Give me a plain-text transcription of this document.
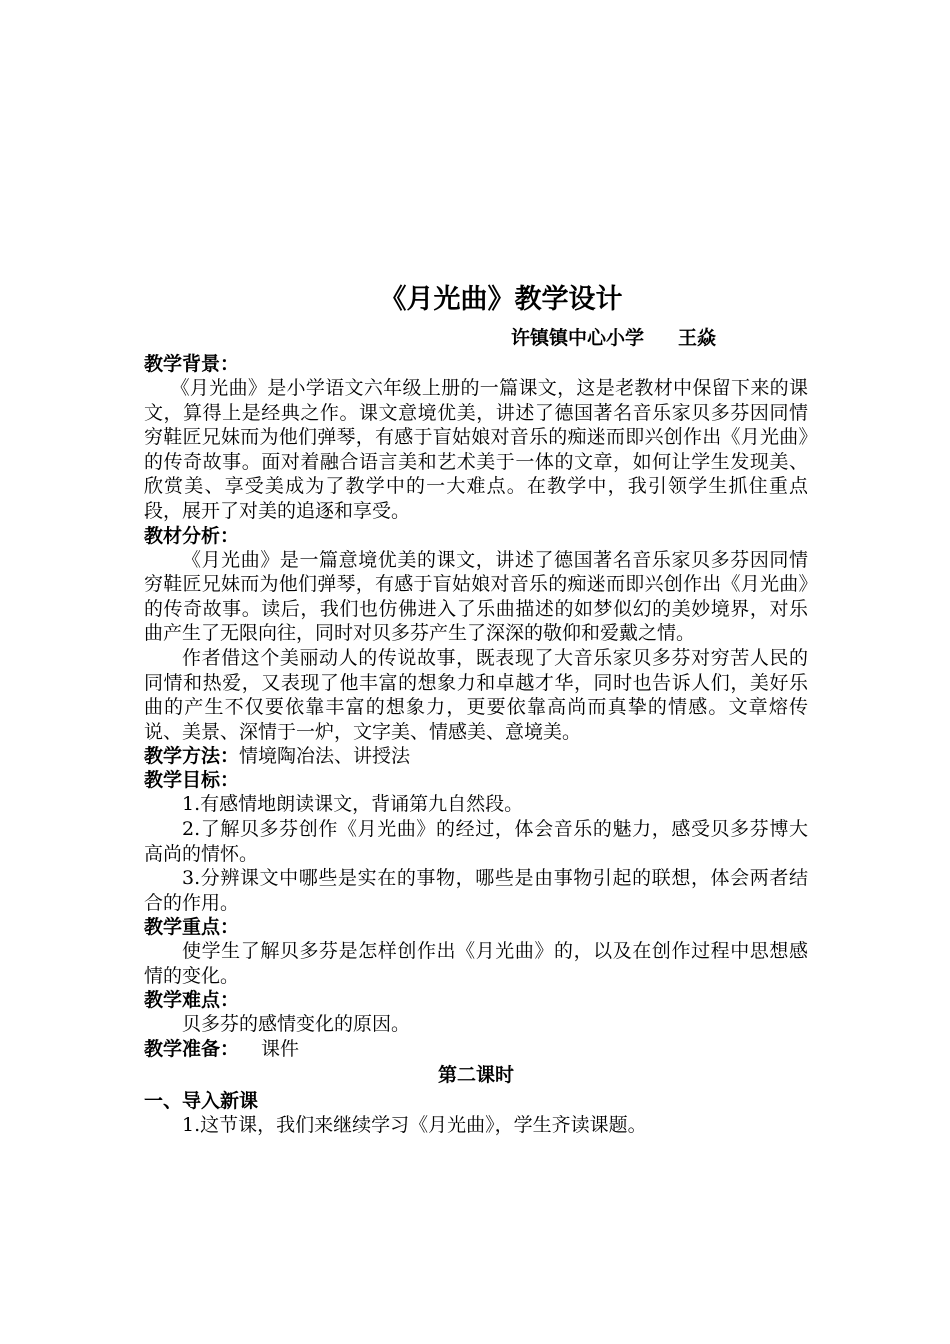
《月光曲》教学设计

许镇镇中心小学 王焱

教学背景：

《月光曲》是小学语文六年级上册的一篇课文，这是老教材中保留下来的课文，算得上是经典之作。课文意境优美，讲述了德国著名音乐家贝多芬因同情穷鞋匠兄妹而为他们弹琴，有感于盲姑娘对音乐的痴迷而即兴创作出《月光曲》的传奇故事。面对着融合语言美和艺术美于一体的文章，如何让学生发现美、欣赏美、享受美成为了教学中的一大难点。在教学中，我引领学生抓住重点段，展开了对美的追逐和享受。

教材分析：

《月光曲》是一篇意境优美的课文，讲述了德国著名音乐家贝多芬因同情穷鞋匠兄妹而为他们弹琴，有感于盲姑娘对音乐的痴迷而即兴创作出《月光曲》的传奇故事。读后，我们也仿佛进入了乐曲描述的如梦似幻的美妙境界，对乐曲产生了无限向往，同时对贝多芬产生了深深的敬仰和爱戴之情。

作者借这个美丽动人的传说故事，既表现了大音乐家贝多芬对穷苦人民的同情和热爱，又表现了他丰富的想象力和卓越才华，同时也告诉人们，美好乐曲的产生不仅要依靠丰富的想象力，更要依靠高尚而真挚的情感。文章熔传说、美景、深情于一炉，文字美、情感美、意境美。

教学方法：情境陶冶法、讲授法

教学目标：

1.有感情地朗读课文，背诵第九自然段。

2.了解贝多芬创作《月光曲》的经过，体会音乐的魅力，感受贝多芬博大高尚的情怀。

3.分辨课文中哪些是实在的事物，哪些是由事物引起的联想，体会两者结合的作用。

教学重点：

使学生了解贝多芬是怎样创作出《月光曲》的，以及在创作过程中思想感情的变化。

教学难点：

贝多芬的感情变化的原因。

教学准备： 课件

第二课时

一、导入新课

1.这节课，我们来继续学习《月光曲》，学生齐读课题。
